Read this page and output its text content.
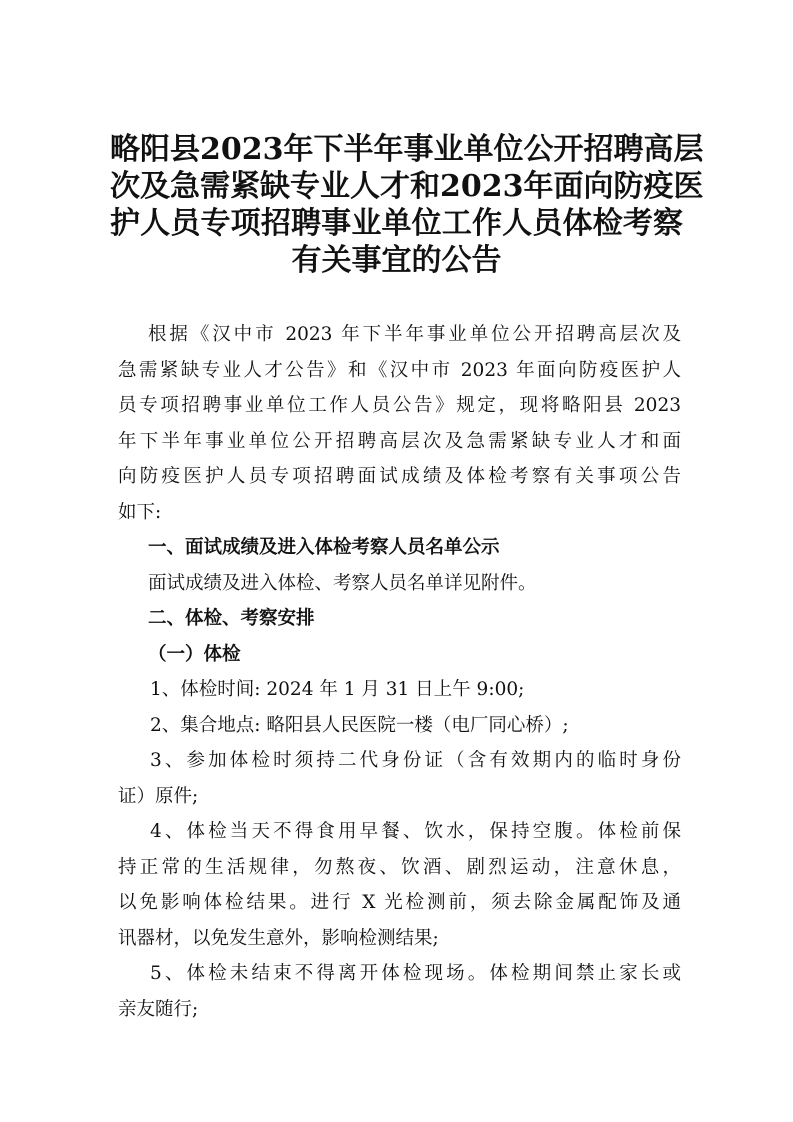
略阳县2023年下半年事业单位公开招聘高层
次及急需紧缺专业人才和2023年面向防疫医
护人员专项招聘事业单位工作人员体检考察
有关事宜的公告
根据《汉中市 2023 年下半年事业单位公开招聘高层次及
急需紧缺专业人才公告》和《汉中市 2023 年面向防疫医护人
员专项招聘事业单位工作人员公告》规定，现将略阳县 2023
年下半年事业单位公开招聘高层次及急需紧缺专业人才和面
向防疫医护人员专项招聘面试成绩及体检考察有关事项公告
如下:
一、面试成绩及进入体检考察人员名单公示
面试成绩及进入体检、考察人员名单详见附件。
二、体检、考察安排
（一）体检
1、体检时间: 2024 年 1 月 31 日上午 9:00;
2、集合地点: 略阳县人民医院一楼（电厂同心桥）;
3、参加体检时须持二代身份证（含有效期内的临时身份
证）原件;
4、体检当天不得食用早餐、饮水，保持空腹。体检前保
持正常的生活规律，勿熬夜、饮酒、剧烈运动，注意休息，
以免影响体检结果。进行 X 光检测前，须去除金属配饰及通
讯器材，以免发生意外，影响检测结果;
5、体检未结束不得离开体检现场。体检期间禁止家长或
亲友随行;
